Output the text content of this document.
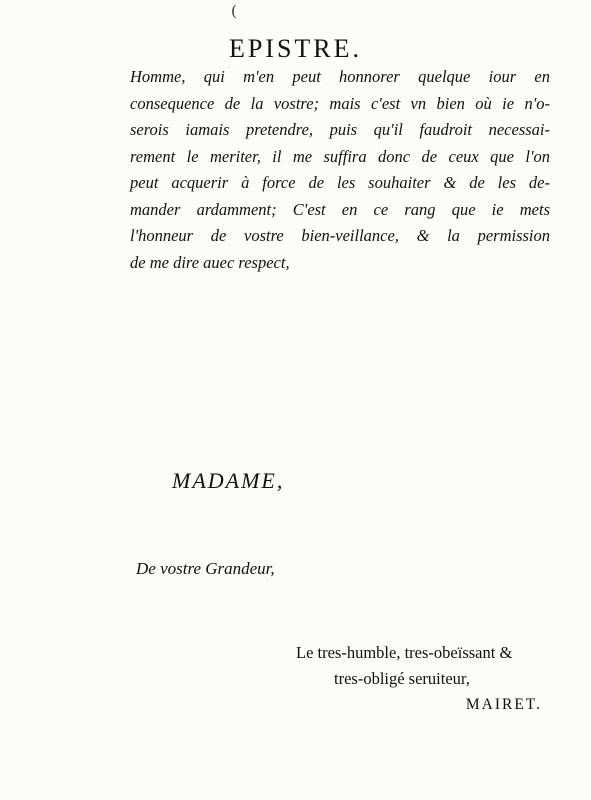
(
EPISTRE.
Homme, qui m'en peut honnorer quelque iour en
consequence de la vostre; mais c'est vn bien où ie n'o-
serois iamais pretendre, puis qu'il faudroit necessai-
rement le meriter, il me suffira donc de ceux que l'on
peut acquerir à force de les souhaiter & de les de-
mander ardamment; C'est en ce rang que ie mets
l'honneur de vostre bien-veillance, & la permission
de me dire auec respect,
MADAME,
De vostre Grandeur,
Le tres-humble, tres-obeïssant &
tres-obligé seruiteur,
MAIRET.
